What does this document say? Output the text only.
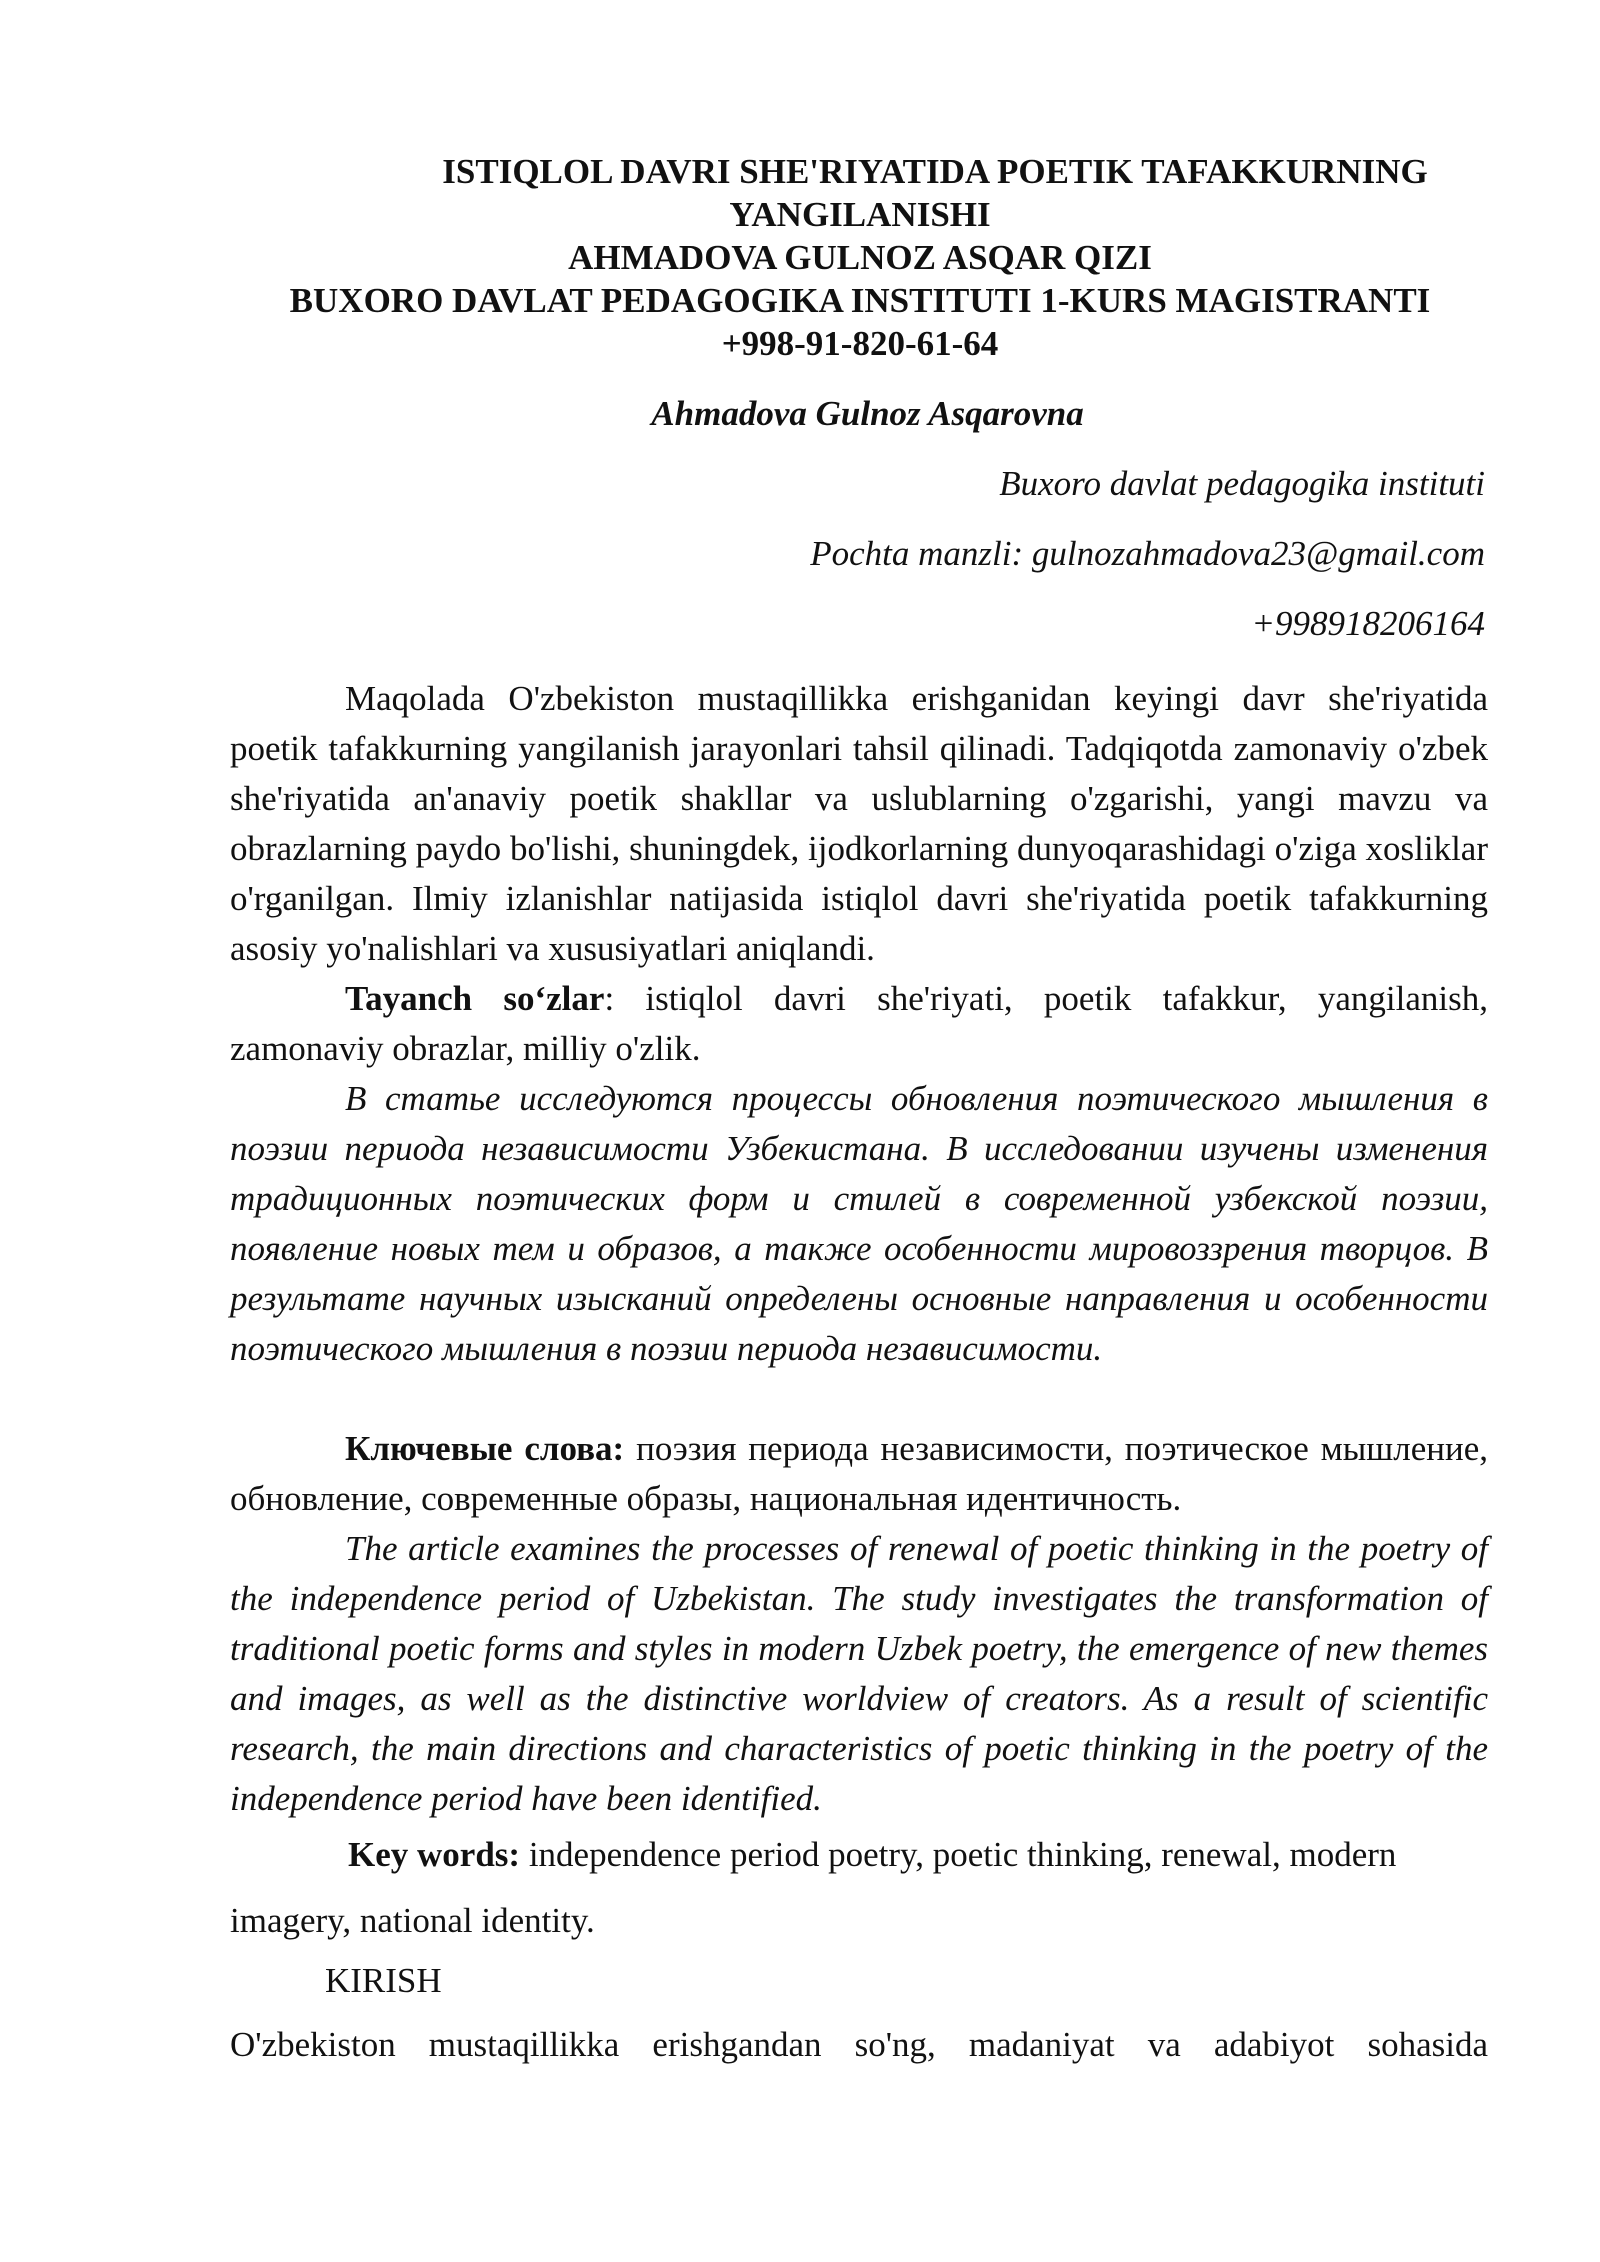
ISTIQLOL DAVRI SHE'RIYATIDA POETIK TAFAKKURNING
YANGILANISHI
AHMADOVA GULNOZ ASQAR QIZI
BUXORO DAVLAT PEDAGOGIKA INSTITUTI 1-KURS MAGISTRANTI
+998-91-820-61-64
Ahmadova Gulnoz Asqarovna
Buxoro davlat pedagogika instituti
Pochta manzli: gulnozahmadova23@gmail.com
+998918206164

Maqolada O'zbekiston mustaqillikka erishganidan keyingi davr she'riyatida poetik tafakkurning yangilanish jarayonlari tahsil qilinadi. Tadqiqotda zamonaviy o'zbek she'riyatida an'anaviy poetik shakllar va uslublarning o'zgarishi, yangi mavzu va obrazlarning paydo bo'lishi, shuningdek, ijodkorlarning dunyoqarashidagi o'ziga xosliklar o'rganilgan. Ilmiy izlanishlar natijasida istiqlol davri she'riyatida poetik tafakkurning asosiy yo'nalishlari va xususiyatlari aniqlandi.

Tayanch so‘zlar: istiqlol davri she'riyati, poetik tafakkur, yangilanish, zamonaviy obrazlar, milliy o'zlik.

В статье исследуются процессы обновления поэтического мышления в поэзии периода независимости Узбекистана. В исследовании изучены изменения традиционных поэтических форм и стилей в современной узбекской поэзии, появление новых тем и образов, а также особенности мировоззрения творцов. В результате научных изысканий определены основные направления и особенности поэтического мышления в поэзии периода независимости.

Ключевые слова: поэзия периода независимости, поэтическое мышление, обновление, современные образы, национальная идентичность.

The article examines the processes of renewal of poetic thinking in the poetry of the independence period of Uzbekistan. The study investigates the transformation of traditional poetic forms and styles in modern Uzbek poetry, the emergence of new themes and images, as well as the distinctive worldview of creators. As a result of scientific research, the main directions and characteristics of poetic thinking in the poetry of the independence period have been identified.

Key words: independence period poetry, poetic thinking, renewal, modern
imagery, national identity.
KIRISH

O'zbekiston mustaqillikka erishgandan so'ng, madaniyat va adabiyot sohasida
